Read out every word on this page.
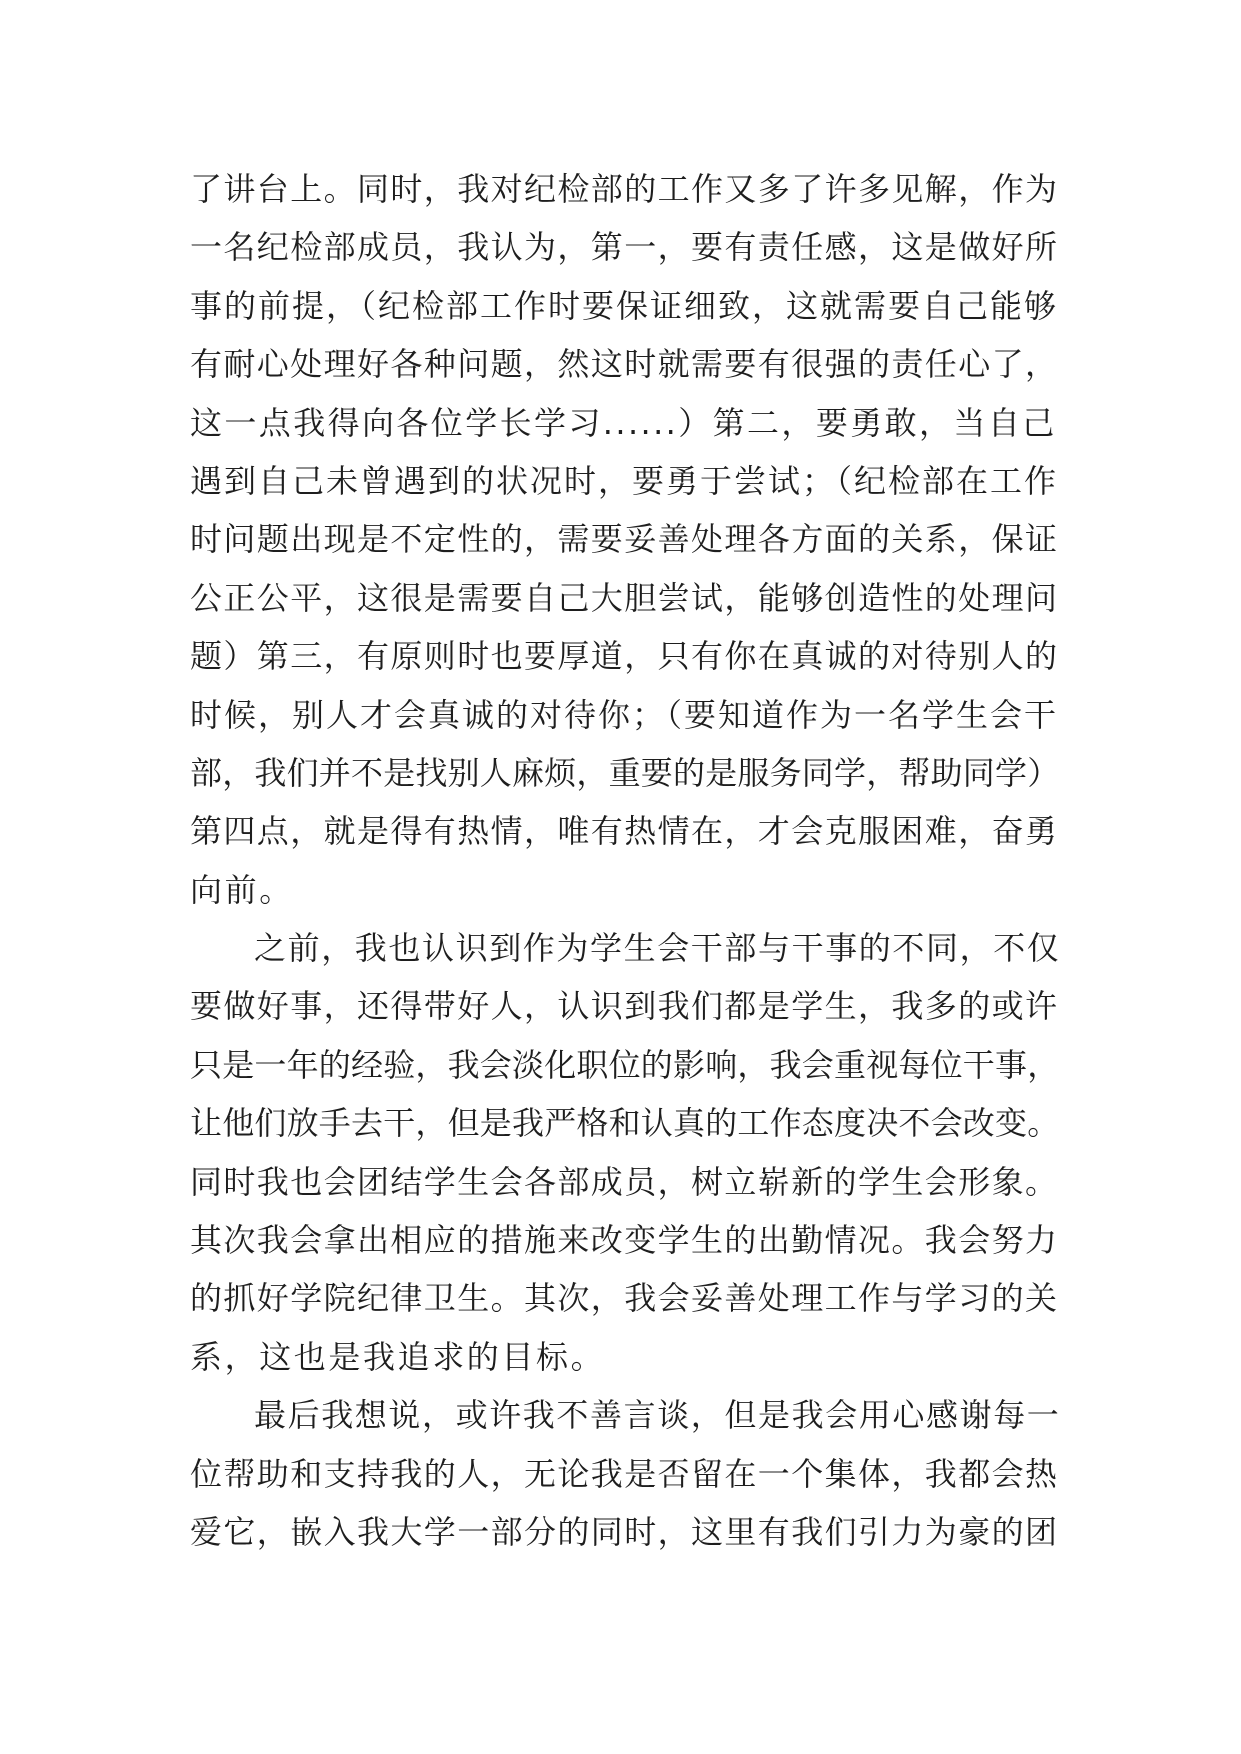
了讲台上。同时，我对纪检部的工作又多了许多见解，作为
一名纪检部成员，我认为，第一，要有责任感，这是做好所
事的前提，（纪检部工作时要保证细致，这就需要自己能够
有耐心处理好各种问题，然这时就需要有很强的责任心了，
这一点我得向各位学长学习......）第二，要勇敢，当自己
遇到自己未曾遇到的状况时，要勇于尝试；（纪检部在工作
时问题出现是不定性的，需要妥善处理各方面的关系，保证
公正公平，这很是需要自己大胆尝试，能够创造性的处理问
题）第三，有原则时也要厚道，只有你在真诚的对待别人的
时候，别人才会真诚的对待你；（要知道作为一名学生会干
部，我们并不是找别人麻烦，重要的是服务同学，帮助同学）
第四点，就是得有热情，唯有热情在，才会克服困难，奋勇
向前。
之前，我也认识到作为学生会干部与干事的不同，不仅
要做好事，还得带好人，认识到我们都是学生，我多的或许
只是一年的经验，我会淡化职位的影响，我会重视每位干事，
让他们放手去干，但是我严格和认真的工作态度决不会改变。
同时我也会团结学生会各部成员，树立崭新的学生会形象。
其次我会拿出相应的措施来改变学生的出勤情况。我会努力
的抓好学院纪律卫生。其次，我会妥善处理工作与学习的关
系，这也是我追求的目标。
最后我想说，或许我不善言谈，但是我会用心感谢每一
位帮助和支持我的人，无论我是否留在一个集体，我都会热
爱它，嵌入我大学一部分的同时，这里有我们引力为豪的团
